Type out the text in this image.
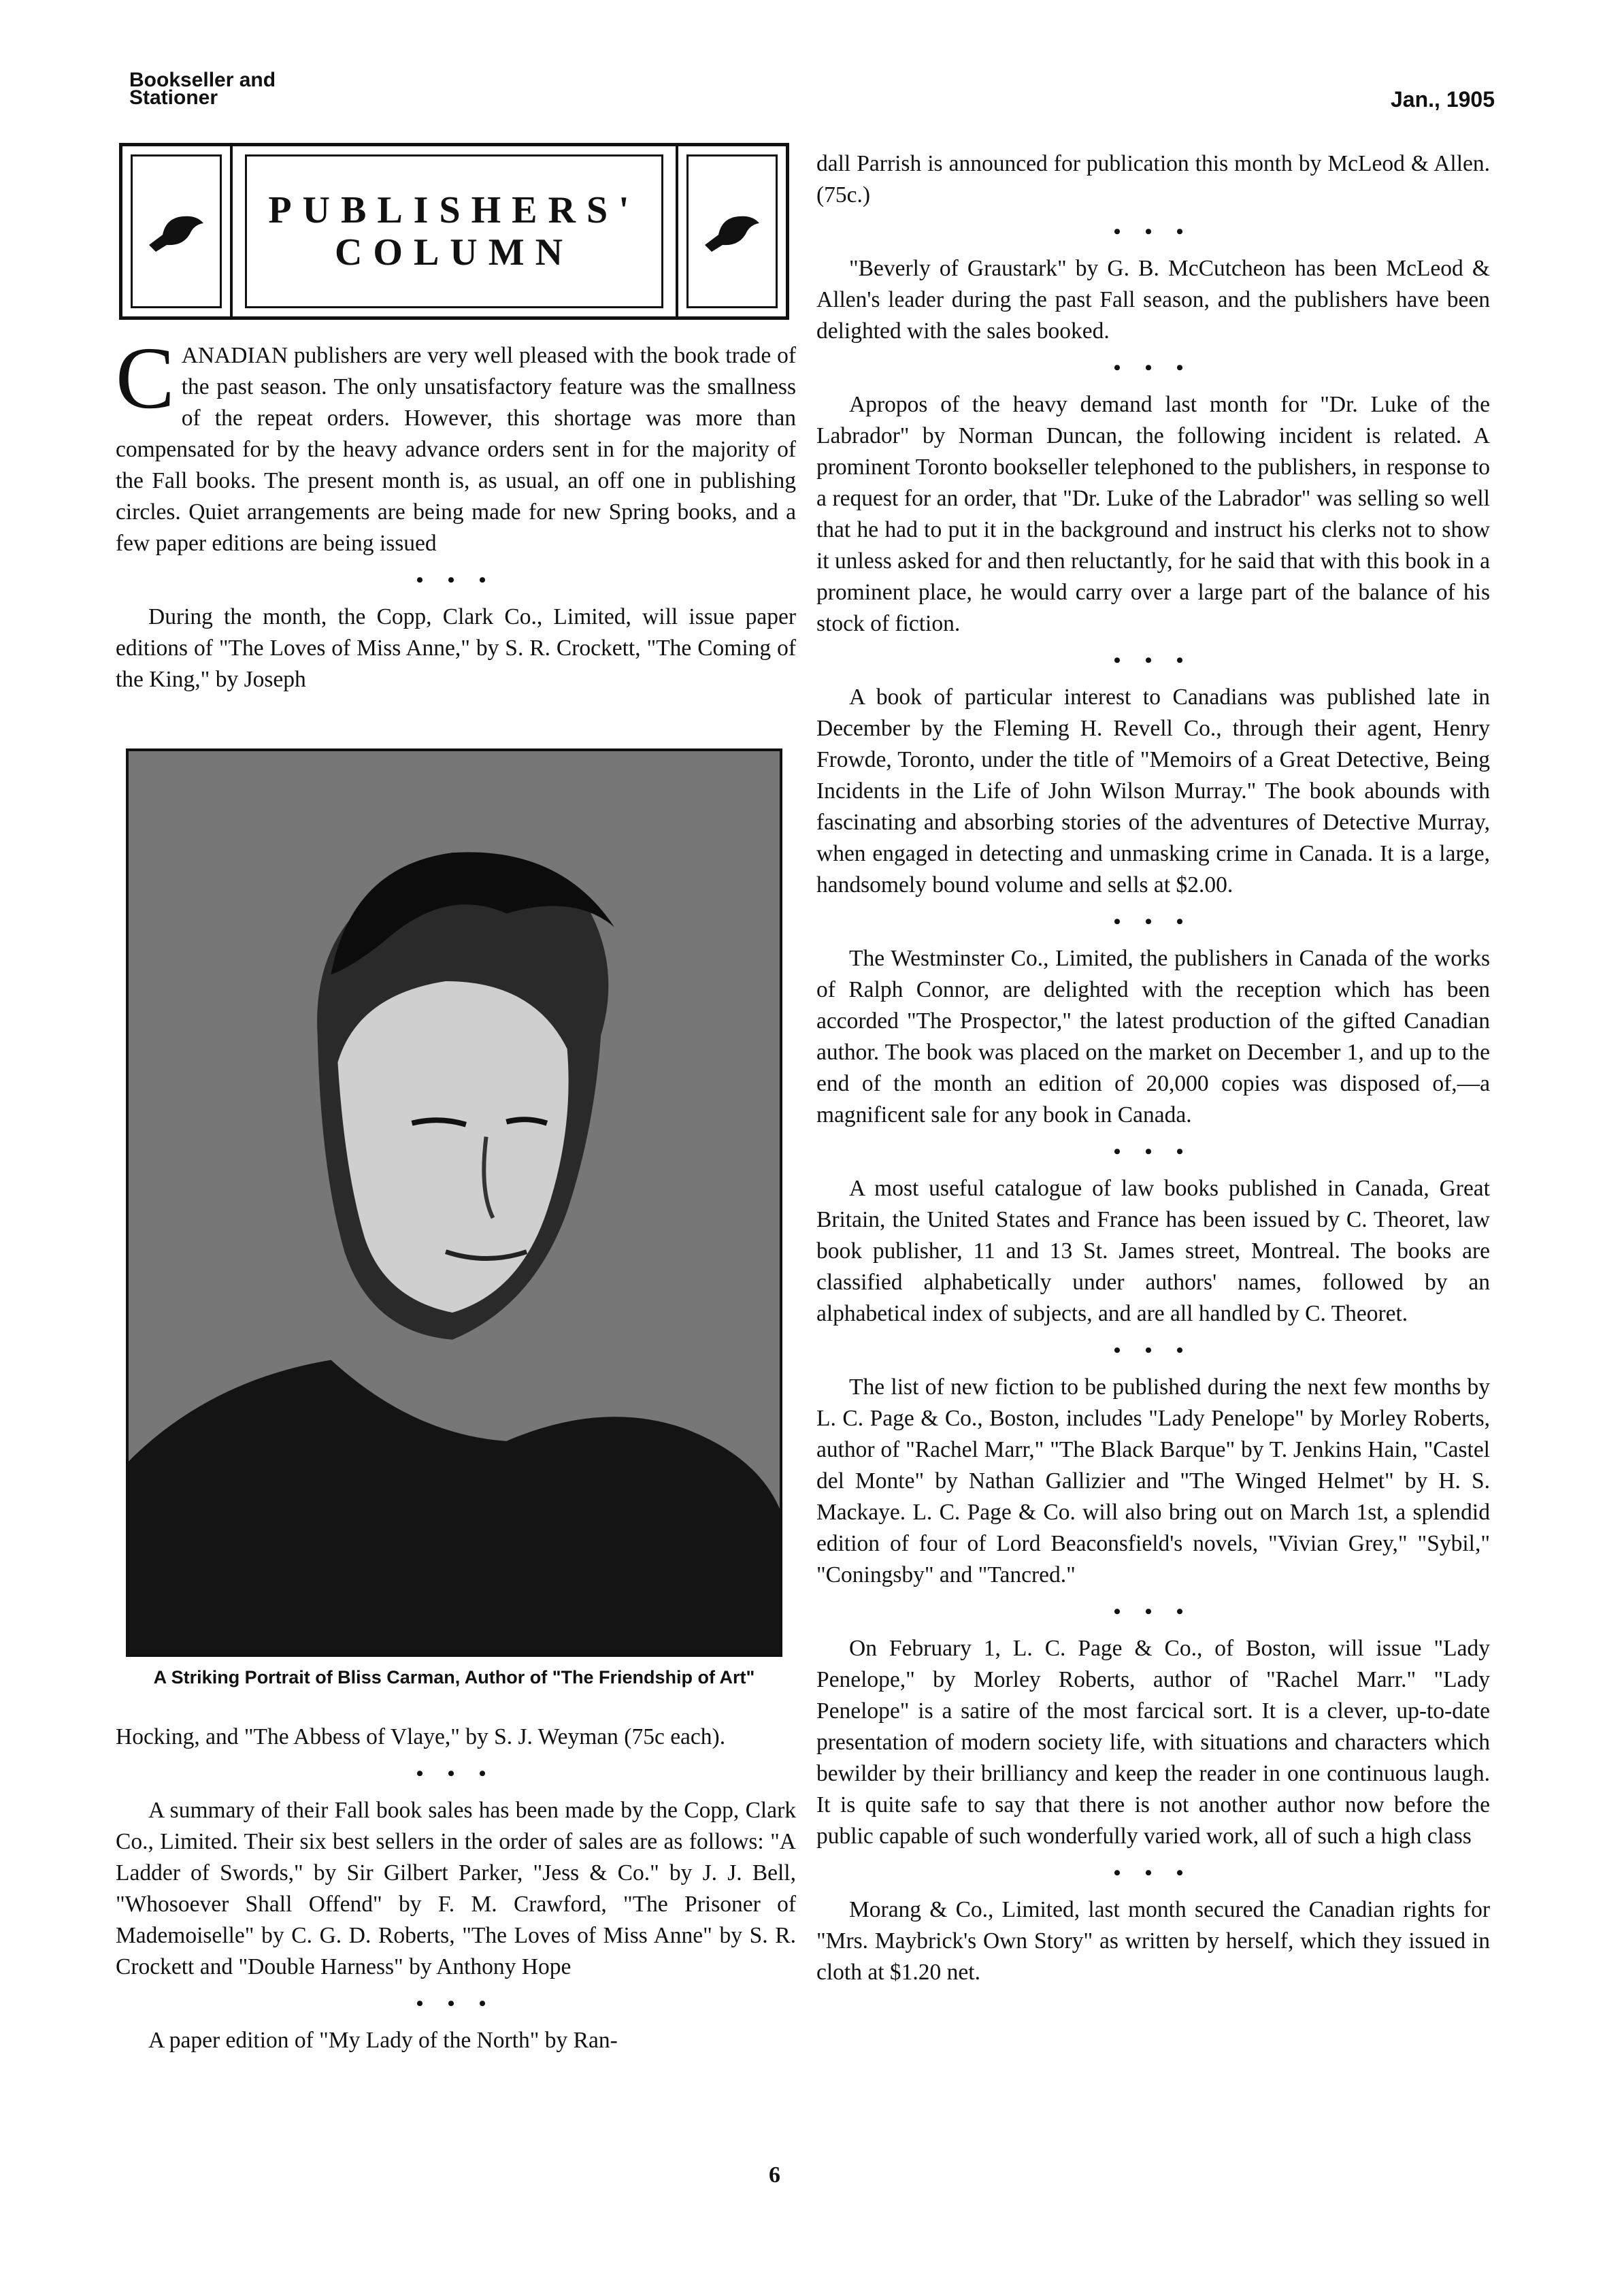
Bookseller and
Stationer	Jan., 1905
PUBLISHERS'
COLUMN

CANADIAN publishers are very well pleased with the book trade of the past season. The only unsatisfactory feature was the smallness of the repeat orders. However, this shortage was more than compensated for by the heavy advance orders sent in for the majority of the Fall books. The present month is, as usual, an off one in publishing circles. Quiet arrangements are being made for new Spring books, and a few paper editions are being issued

• • •

During the month, the Copp, Clark Co., Limited, will issue paper editions of "The Loves of Miss Anne," by S. R. Crockett, "The Coming of the King," by Joseph

A Striking Portrait of Bliss Carman, Author of "The Friendship of Art"

Hocking, and "The Abbess of Vlaye," by S. J. Weyman (75c each).

• • •

A summary of their Fall book sales has been made by the Copp, Clark Co., Limited. Their six best sellers in the order of sales are as follows: "A Ladder of Swords," by Sir Gilbert Parker, "Jess & Co." by J. J. Bell, "Whosoever Shall Offend" by F. M. Crawford, "The Prisoner of Mademoiselle" by C. G. D. Roberts, "The Loves of Miss Anne" by S. R. Crockett and "Double Harness" by Anthony Hope

• • •

A paper edition of "My Lady of the North" by Ran-

dall Parrish is announced for publication this month by McLeod & Allen. (75c.)

• • •

"Beverly of Graustark" by G. B. McCutcheon has been McLeod & Allen's leader during the past Fall season, and the publishers have been delighted with the sales booked.

• • •

Apropos of the heavy demand last month for "Dr. Luke of the Labrador" by Norman Duncan, the following incident is related. A prominent Toronto bookseller telephoned to the publishers, in response to a request for an order, that "Dr. Luke of the Labrador" was selling so well that he had to put it in the background and instruct his clerks not to show it unless asked for and then reluctantly, for he said that with this book in a prominent place, he would carry over a large part of the balance of his stock of fiction.

• • •

A book of particular interest to Canadians was published late in December by the Fleming H. Revell Co., through their agent, Henry Frowde, Toronto, under the title of "Memoirs of a Great Detective, Being Incidents in the Life of John Wilson Murray." The book abounds with fascinating and absorbing stories of the adventures of Detective Murray, when engaged in detecting and unmasking crime in Canada. It is a large, handsomely bound volume and sells at $2.00.

• • •

The Westminster Co., Limited, the publishers in Canada of the works of Ralph Connor, are delighted with the reception which has been accorded "The Prospector," the latest production of the gifted Canadian author. The book was placed on the market on December 1, and up to the end of the month an edition of 20,000 copies was disposed of,—a magnificent sale for any book in Canada.

• • •

A most useful catalogue of law books published in Canada, Great Britain, the United States and France has been issued by C. Theoret, law book publisher, 11 and 13 St. James street, Montreal. The books are classified alphabetically under authors' names, followed by an alphabetical index of subjects, and are all handled by C. Theoret.

• • •

The list of new fiction to be published during the next few months by L. C. Page & Co., Boston, includes "Lady Penelope" by Morley Roberts, author of "Rachel Marr," "The Black Barque" by T. Jenkins Hain, "Castel del Monte" by Nathan Gallizier and "The Winged Helmet" by H. S. Mackaye. L. C. Page & Co. will also bring out on March 1st, a splendid edition of four of Lord Beaconsfield's novels, "Vivian Grey," "Sybil," "Coningsby" and "Tancred."

• • •

On February 1, L. C. Page & Co., of Boston, will issue "Lady Penelope," by Morley Roberts, author of "Rachel Marr." "Lady Penelope" is a satire of the most farcical sort. It is a clever, up-to-date presentation of modern society life, with situations and characters which bewilder by their brilliancy and keep the reader in one continuous laugh. It is quite safe to say that there is not another author now before the public capable of such wonderfully varied work, all of such a high class

• • •

Morang & Co., Limited, last month secured the Canadian rights for "Mrs. Maybrick's Own Story" as written by herself, which they issued in cloth at $1.20 net.

6
